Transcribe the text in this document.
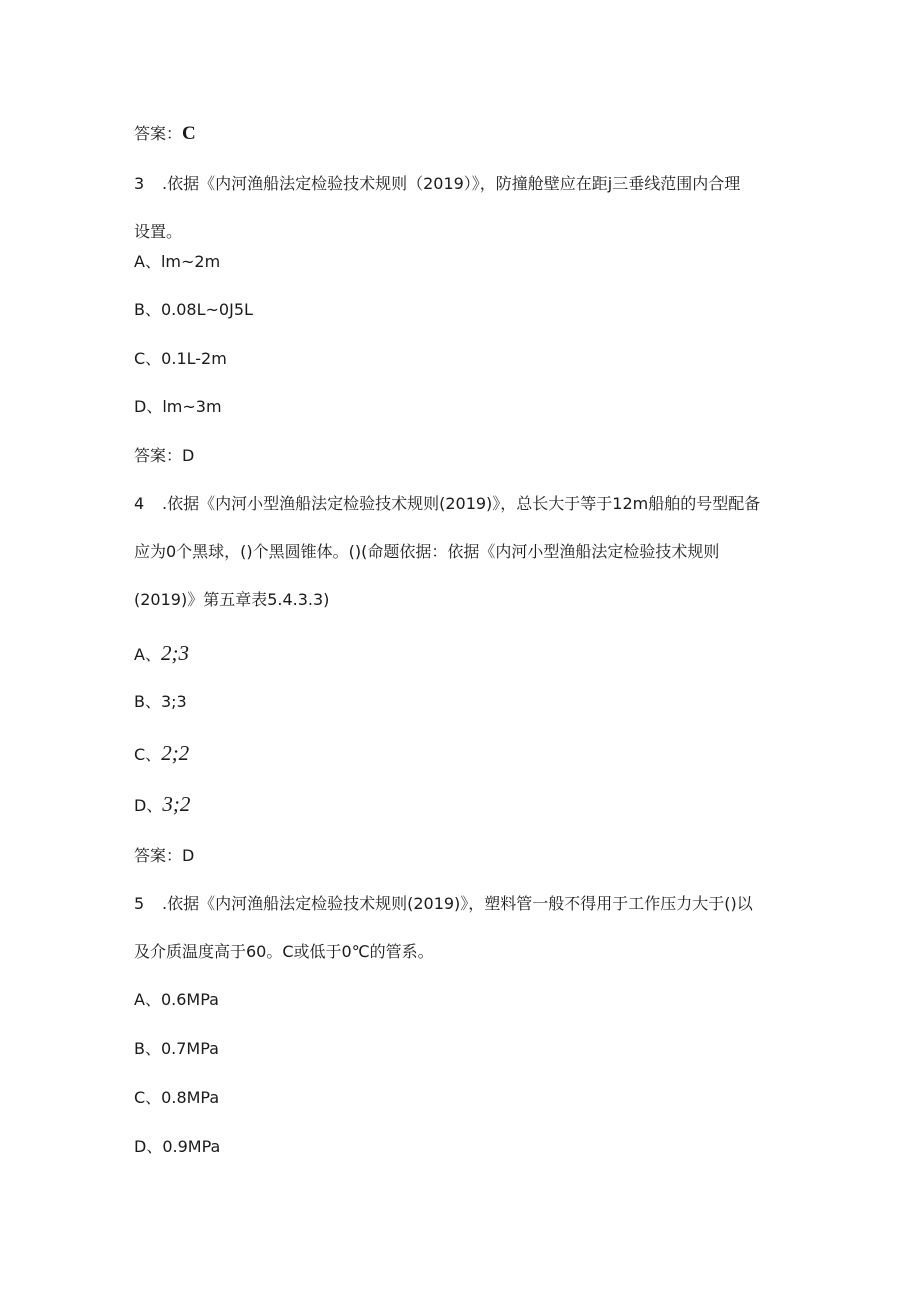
答案：C
3 .依据《内河渔船法定检验技术规则（2019）》，防撞舱壁应在距j三垂线范围内合理
设置。
A、lm~2m
B、0.08L~0J5L
C、0.1L-2m
D、lm~3m
答案：D
4 .依据《内河小型渔船法定检验技术规则(2019)》，总长大于等于12m船舶的号型配备
应为0个黑球，()个黑圆锥体。()(命题依据：依据《内河小型渔船法定检验技术规则
(2019)》第五章表5.4.3.3)
A、2;3
B、3;3
C、2;2
D、3;2
答案：D
5 .依据《内河渔船法定检验技术规则(2019)》，塑料管一般不得用于工作压力大于()以
及介质温度高于60。C或低于0℃的管系。
A、0.6MPa
B、0.7MPa
C、0.8MPa
D、0.9MPa
